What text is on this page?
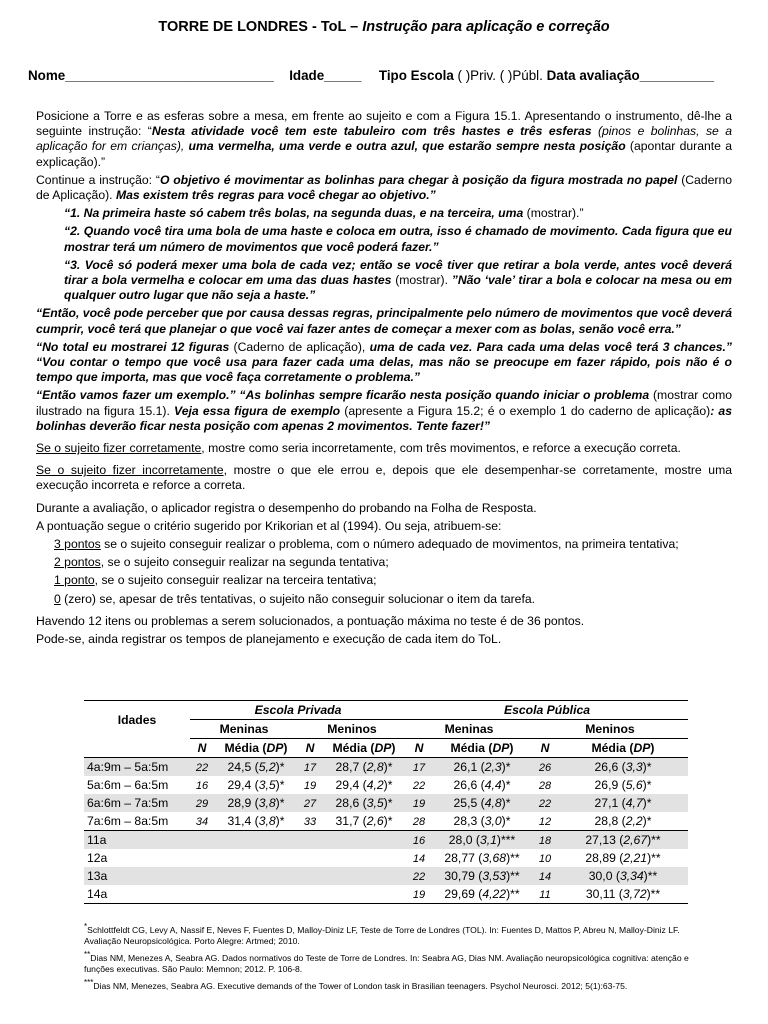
TORRE DE LONDRES - ToL – Instrução para aplicação e correção
Nome____________________________ Idade_____ Tipo Escola ( )Priv. ( )Públ. Data avaliação__________

Posicione a Torre e as esferas sobre a mesa, em frente ao sujeito e com a Figura 15.1. Apresentando o instrumento, dê-lhe a seguinte instrução: “Nesta atividade você tem este tabuleiro com três hastes e três esferas (pinos e bolinhas, se a aplicação for em crianças), uma vermelha, uma verde e outra azul, que estarão sempre nesta posição (apontar durante a explicação).”

Continue a instrução: “O objetivo é movimentar as bolinhas para chegar à posição da figura mostrada no papel (Caderno de Aplicação). Mas existem três regras para você chegar ao objetivo.”

“1. Na primeira haste só cabem três bolas, na segunda duas, e na terceira, uma (mostrar).”

“2. Quando você tira uma bola de uma haste e coloca em outra, isso é chamado de movimento. Cada figura que eu mostrar terá um número de movimentos que você poderá fazer.”

“3. Você só poderá mexer uma bola de cada vez; então se você tiver que retirar a bola verde, antes você deverá tirar a bola vermelha e colocar em uma das duas hastes (mostrar). ”Não ‘vale’ tirar a bola e colocar na mesa ou em qualquer outro lugar que não seja a haste.”

“Então, você pode perceber que por causa dessas regras, principalmente pelo número de movimentos que você deverá cumprir, você terá que planejar o que você vai fazer antes de começar a mexer com as bolas, senão você erra.”

“No total eu mostrarei 12 figuras (Caderno de aplicação), uma de cada vez. Para cada uma delas você terá 3 chances.” “Vou contar o tempo que você usa para fazer cada uma delas, mas não se preocupe em fazer rápido, pois não é o tempo que importa, mas que você faça corretamente o problema.”

“Então vamos fazer um exemplo.” “As bolinhas sempre ficarão nesta posição quando iniciar o problema (mostrar como ilustrado na figura 15.1). Veja essa figura de exemplo (apresente a Figura 15.2; é o exemplo 1 do caderno de aplicação): as bolinhas deverão ficar nesta posição com apenas 2 movimentos. Tente fazer!”

Se o sujeito fizer corretamente, mostre como seria incorretamente, com três movimentos, e reforce a execução correta.

Se o sujeito fizer incorretamente, mostre o que ele errou e, depois que ele desempenhar-se corretamente, mostre uma execução incorreta e reforce a correta.

Durante a avaliação, o aplicador registra o desempenho do probando na Folha de Resposta.

A pontuação segue o critério sugerido por Krikorian et al (1994). Ou seja, atribuem-se:

3 pontos se o sujeito conseguir realizar o problema, com o número adequado de movimentos, na primeira tentativa;

2 pontos, se o sujeito conseguir realizar na segunda tentativa;

1 ponto, se o sujeito conseguir realizar na terceira tentativa;

0 (zero) se, apesar de três tentativas, o sujeito não conseguir solucionar o item da tarefa.

Havendo 12 itens ou problemas a serem solucionados, a pontuação máxima no teste é de 36 pontos.

Pode-se, ainda registrar os tempos de planejamento e execução de cada item do ToL.

Idades	Escola Privada				Escola Pública			
	Meninas		Meninos		Meninas		Meninos	
	N	Média (DP)	N	Média (DP)	N	Média (DP)	N	Média (DP)
4a:9m – 5a:5m	22	24,5 (5,2)*	17	28,7 (2,8)*	17	26,1 (2,3)*	26	26,6 (3,3)*
5a:6m – 6a:5m	16	29,4 (3,5)*	19	29,4 (4,2)*	22	26,6 (4,4)*	28	26,9 (5,6)*
6a:6m – 7a:5m	29	28,9 (3,8)*	27	28,6 (3,5)*	19	25,5 (4,8)*	22	27,1 (4,7)*
7a:6m – 8a:5m	34	31,4 (3,8)*	33	31,7 (2,6)*	28	28,3 (3,0)*	12	28,8 (2,2)*
11a					16	28,0 (3,1)***	18	27,13 (2,67)**
12a					14	28,77 (3,68)**	10	28,89 (2,21)**
13a					22	30,79 (3,53)**	14	30,0 (3,34)**
14a					19	29,69 (4,22)**	11	30,11 (3,72)**

*Schlottfeldt CG, Levy A, Nassif E, Neves F, Fuentes D, Malloy-Diniz LF, Teste de Torre de Londres (TOL). In: Fuentes D, Mattos P, Abreu N, Malloy-Diniz LF. Avaliação Neuropsicológica. Porto Alegre: Artmed; 2010.

**Dias NM, Menezes A, Seabra AG. Dados normativos do Teste de Torre de Londres. In: Seabra AG, Dias NM. Avaliação neuropsicológica cognitiva: atenção e funções executivas. São Paulo: Memnon; 2012. P. 106-8.

***Dias NM, Menezes, Seabra AG. Executive demands of the Tower of London task in Brasilian teenagers. Psychol Neurosci. 2012; 5(1):63-75.
